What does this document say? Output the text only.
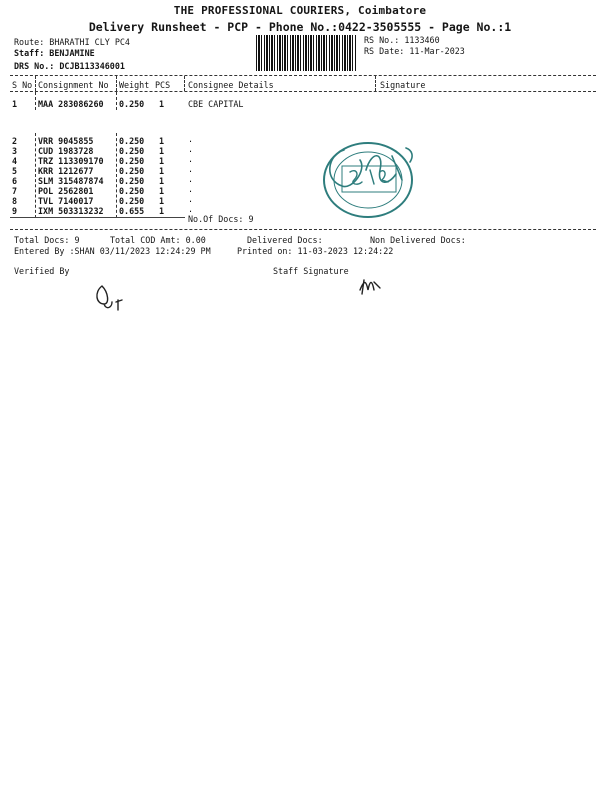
THE PROFESSIONAL COURIERS, Coimbatore
Delivery Runsheet - PCP - Phone No.:0422-3505555 - Page No.:1
Route: BHARATHI CLY PC4
Staff: BENJAMINE
DRS No.: DCJB113346001
RS No.: 1133460
RS Date: 11-Mar-2023
S No Consignment No Weight PCS Consignee Details	Signature
1 MAA 283086260 0.250 1	CBE CAPITAL
2 VRR 9045855	0.250 1	.
3 CUD 1983728	0.250 1	.
4 TRZ 113309170 0.250 1	.
5 KRR 1212677	0.250 1	.
6 SLM 315487874 0.250 1	.
7 POL 2562801	0.250 1	.
8 TVL 7140017	0.250 1	.
9 IXM 503313232 0.655 1	.
No.Of Docs: 9
Total Docs: 9	Total COD Amt: 0.00	Delivered Docs:	Non Delivered Docs:
Entered By :SHAN 03/11/2023 12:24:29 PM	Printed on: 11-03-2023 12:24:22
Verified By	Staff Signature
